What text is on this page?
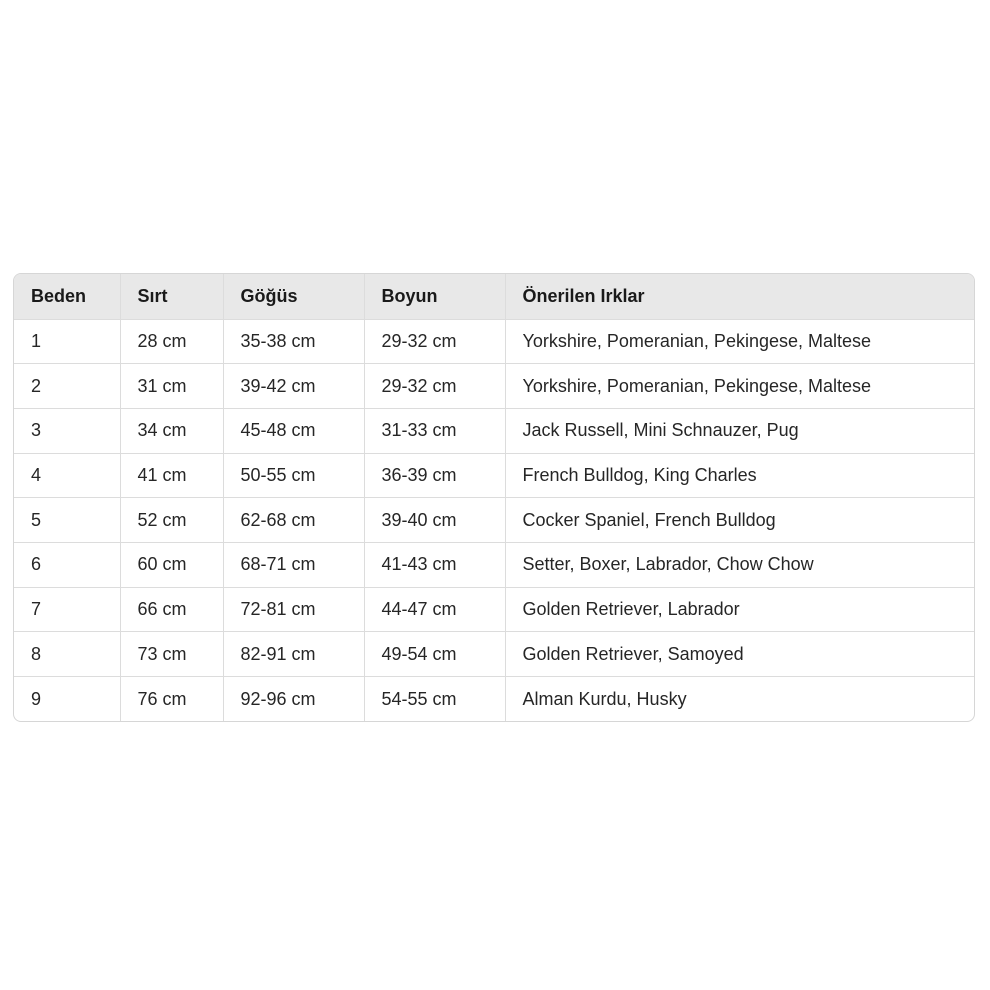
Beden	Sırt	Göğüs	Boyun	Önerilen Irklar
1	28 cm	35-38 cm	29-32 cm	Yorkshire, Pomeranian, Pekingese, Maltese
2	31 cm	39-42 cm	29-32 cm	Yorkshire, Pomeranian, Pekingese, Maltese
3	34 cm	45-48 cm	31-33 cm	Jack Russell, Mini Schnauzer, Pug
4	41 cm	50-55 cm	36-39 cm	French Bulldog, King Charles
5	52 cm	62-68 cm	39-40 cm	Cocker Spaniel, French Bulldog
6	60 cm	68-71 cm	41-43 cm	Setter, Boxer, Labrador, Chow Chow
7	66 cm	72-81 cm	44-47 cm	Golden Retriever, Labrador
8	73 cm	82-91 cm	49-54 cm	Golden Retriever, Samoyed
9	76 cm	92-96 cm	54-55 cm	Alman Kurdu, Husky
